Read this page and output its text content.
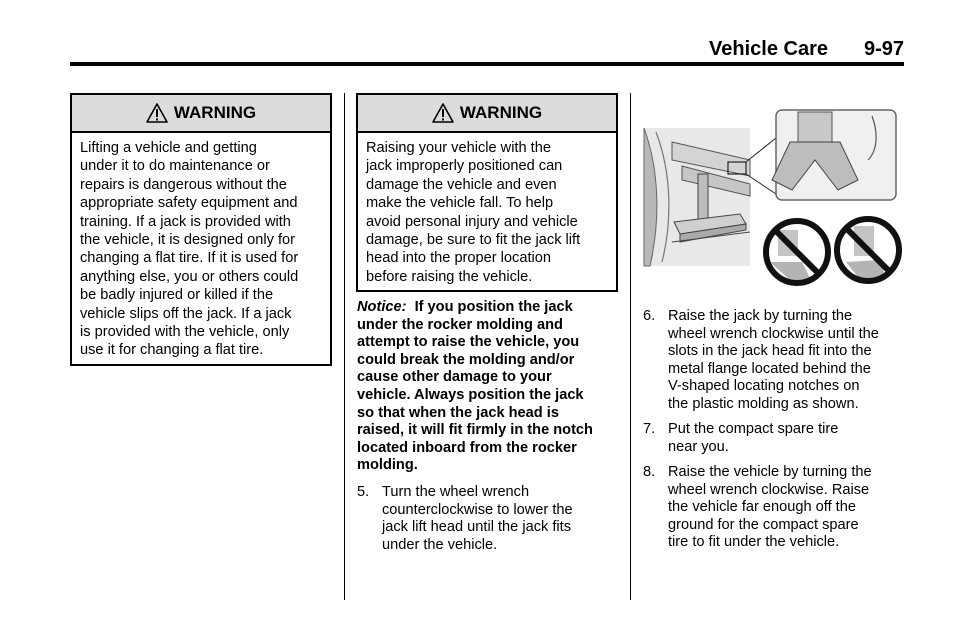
Vehicle Care 9-97
WARNING
Lifting a vehicle and getting
under it to do maintenance or
repairs is dangerous without the
appropriate safety equipment and
training. If a jack is provided with
the vehicle, it is designed only for
changing a flat tire. If it is used for
anything else, you or others could
be badly injured or killed if the
vehicle slips off the jack. If a jack
is provided with the vehicle, only
use it for changing a flat tire.
WARNING
Raising your vehicle with the
jack improperly positioned can
damage the vehicle and even
make the vehicle fall. To help
avoid personal injury and vehicle
damage, be sure to fit the jack lift
head into the proper location
before raising the vehicle.
Notice: If you position the jack
under the rocker molding and
attempt to raise the vehicle, you
could break the molding and/or
cause other damage to your
vehicle. Always position the jack
so that when the jack head is
raised, it will fit firmly in the notch
located inboard from the rocker
molding.
5. Turn the wheel wrench
counterclockwise to lower the
jack lift head until the jack fits
under the vehicle.
6. Raise the jack by turning the
wheel wrench clockwise until the
slots in the jack head fit into the
metal flange located behind the
V-shaped locating notches on
the plastic molding as shown.
7. Put the compact spare tire
near you.
8. Raise the vehicle by turning the
wheel wrench clockwise. Raise
the vehicle far enough off the
ground for the compact spare
tire to fit under the vehicle.
